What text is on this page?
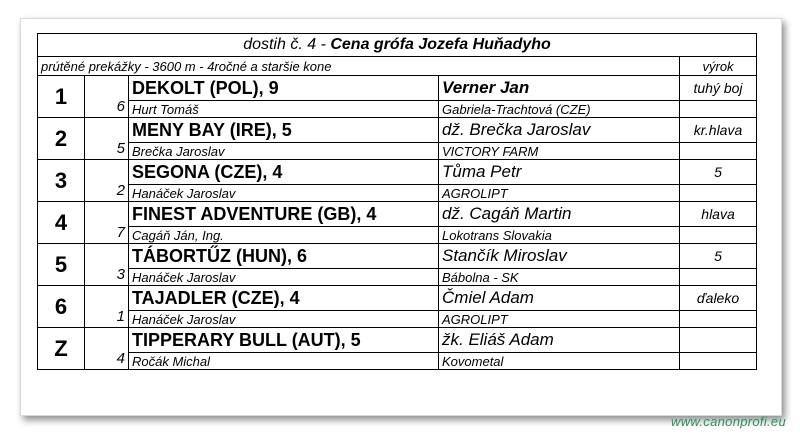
dostih č. 4 - Cena grófa Jozefa Huňadyho				
prútěné prekážky - 3600 m - 4ročné a staršie kone				výrok
1	6	DEKOLT (POL), 9	Verner Jan	tuhý boj
		Hurt Tomáš	Gabriela-Trachtová (CZE)	
2	5	MENY BAY (IRE), 5	dž. Brečka Jaroslav	kr.hlava
		Brečka Jaroslav	VICTORY FARM	
3	2	SEGONA (CZE), 4	Tůma Petr	5
		Hanáček Jaroslav	AGROLIPT	
4	7	FINEST ADVENTURE (GB), 4	dž. Cagáň Martin	hlava
		Cagáň Ján, Ing.	Lokotrans Slovakia	
5	3	TÁBORTŰZ (HUN), 6	Stančík Miroslav	5
		Hanáček Jaroslav	Bábolna - SK	
6	1	TAJADLER (CZE), 4	Čmiel Adam	ďaleko
		Hanáček Jaroslav	AGROLIPT	
Z	4	TIPPERARY BULL (AUT), 5	žk. Eliáš Adam	
		Ročák Michal	Kovometal	
www.canonprofi.eu
